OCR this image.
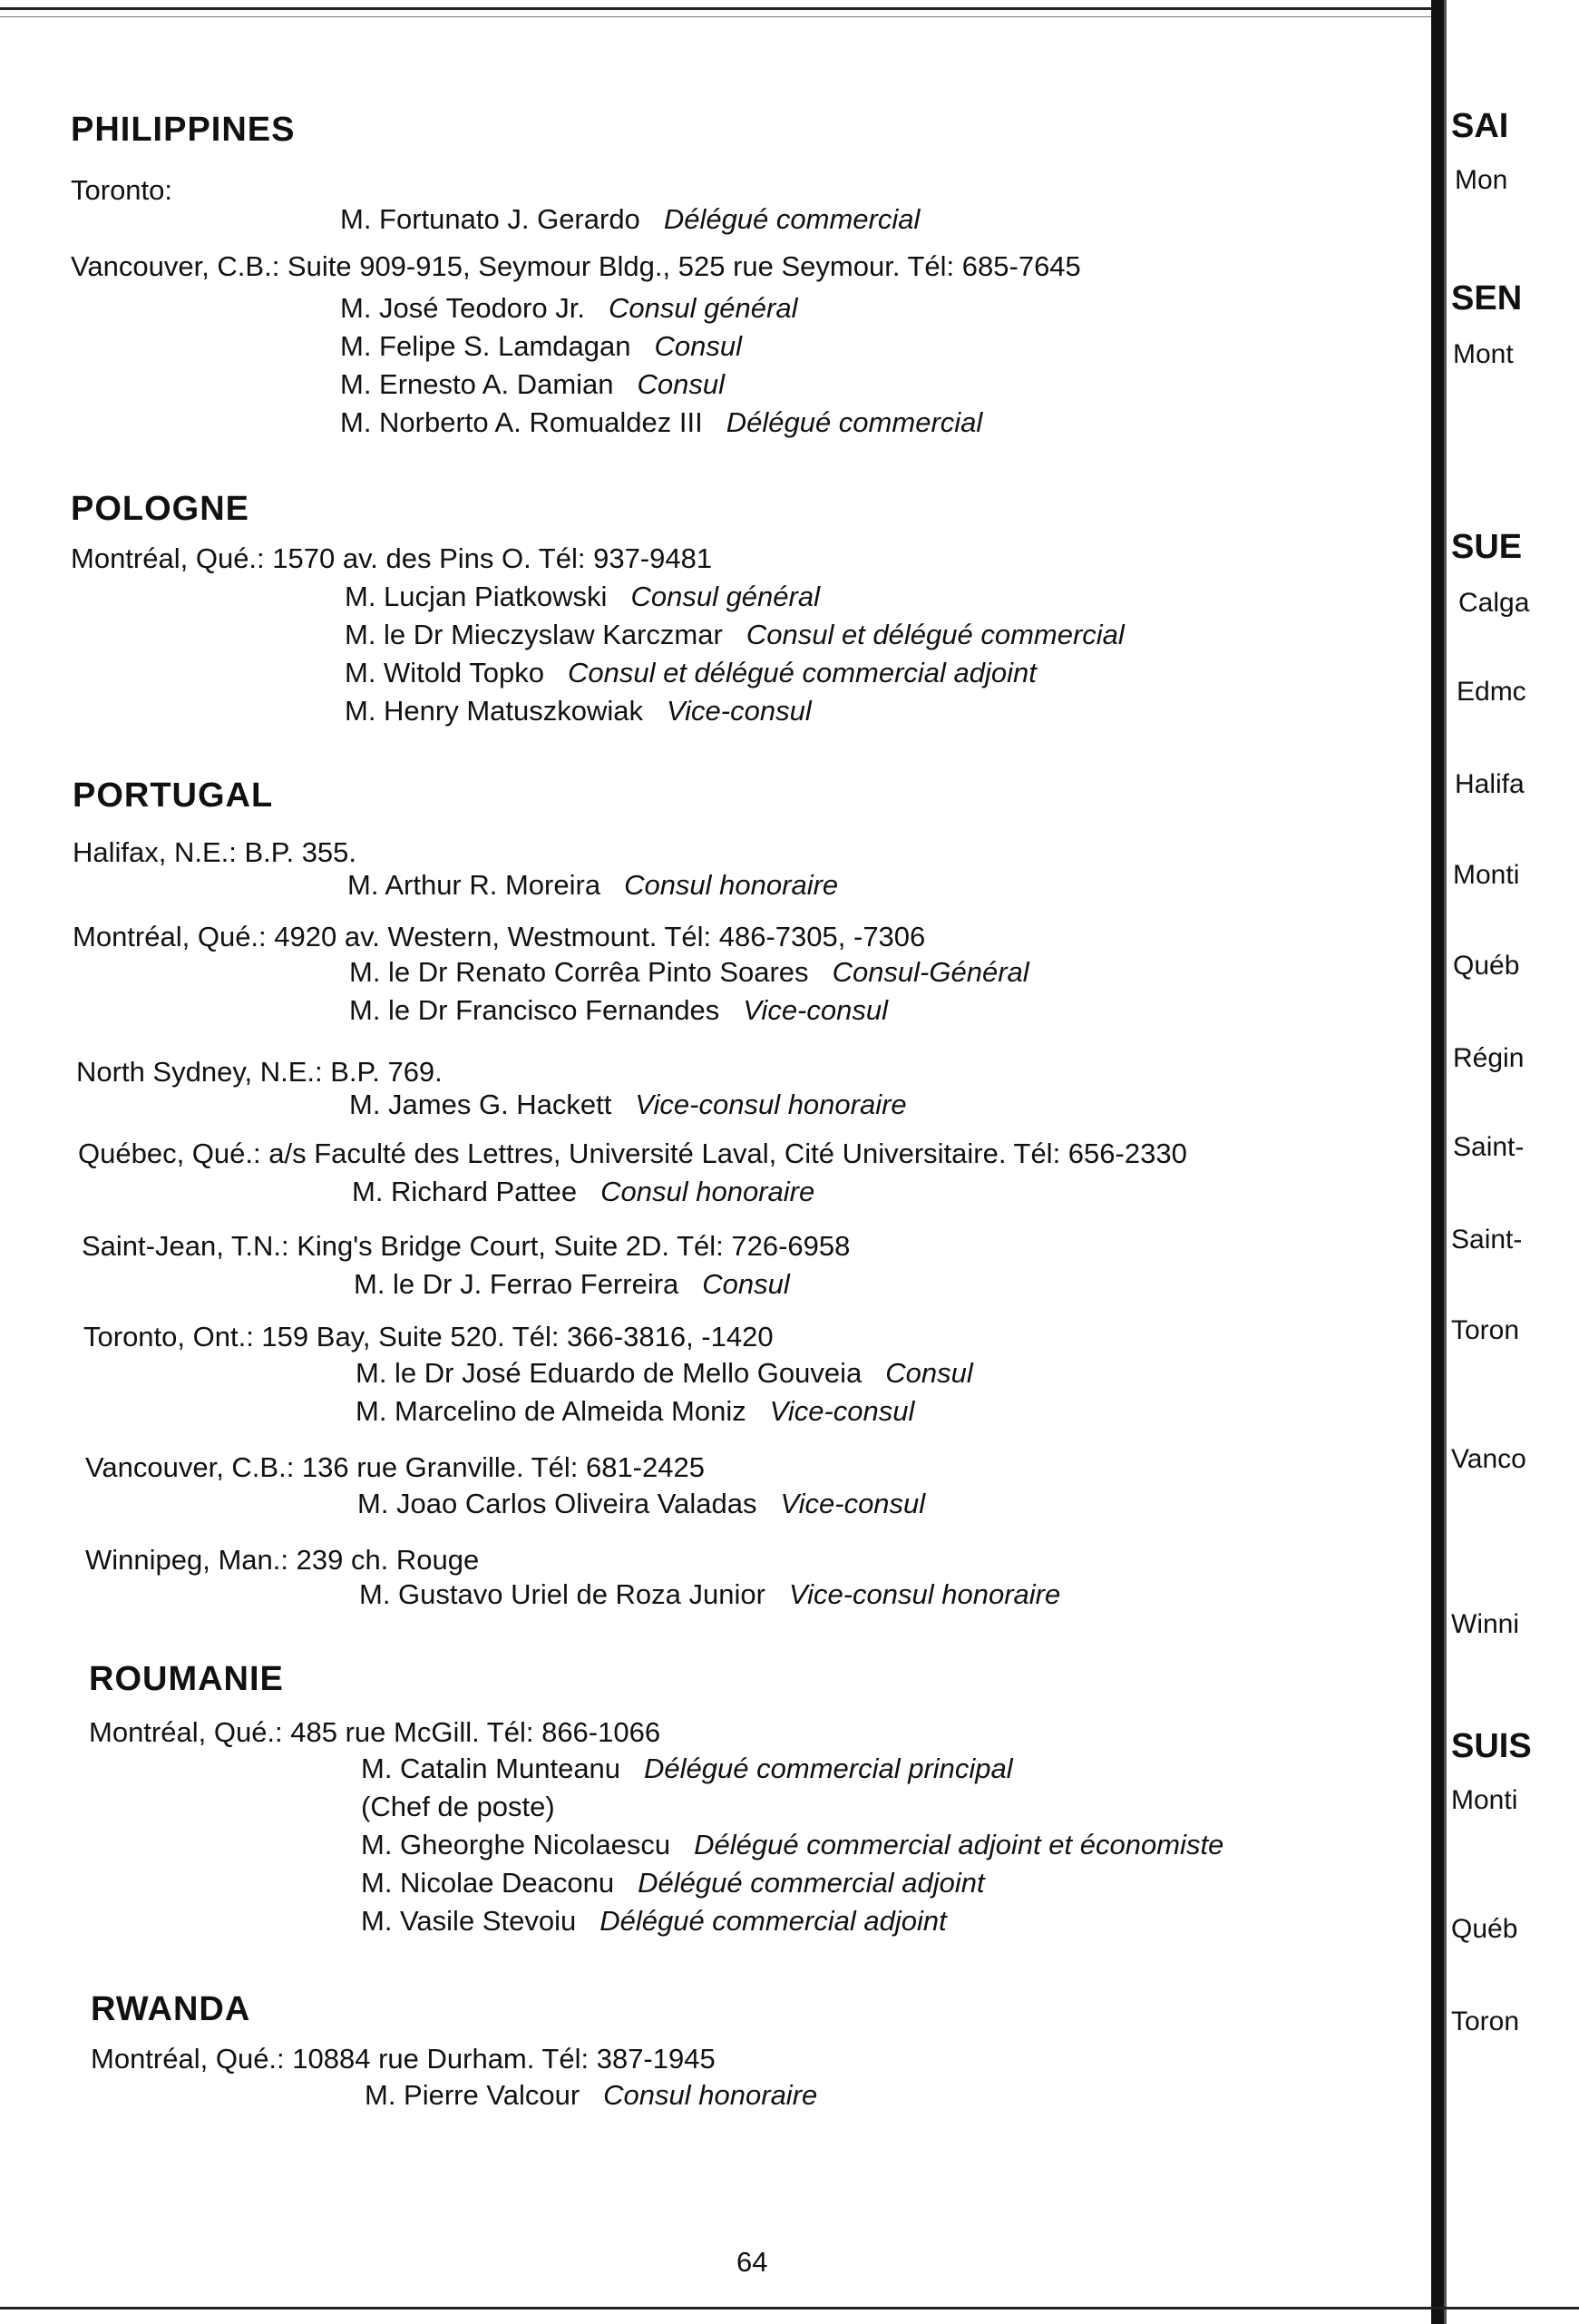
PHILIPPINES
Toronto:
M. Fortunato J. Gerardo Délégué commercial
Vancouver, C.B.: Suite 909-915, Seymour Bldg., 525 rue Seymour. Tél: 685-7645
M. José Teodoro Jr. Consul général
M. Felipe S. Lamdagan Consul
M. Ernesto A. Damian Consul
M. Norberto A. Romualdez III Délégué commercial
POLOGNE
Montréal, Qué.: 1570 av. des Pins O. Tél: 937-9481
M. Lucjan Piatkowski Consul général
M. le Dr Mieczyslaw Karczmar Consul et délégué commercial
M. Witold Topko Consul et délégué commercial adjoint
M. Henry Matuszkowiak Vice-consul
PORTUGAL
Halifax, N.E.: B.P. 355.
M. Arthur R. Moreira Consul honoraire
Montréal, Qué.: 4920 av. Western, Westmount. Tél: 486-7305, -7306
M. le Dr Renato Corrêa Pinto Soares Consul-Général
M. le Dr Francisco Fernandes Vice-consul
North Sydney, N.E.: B.P. 769.
M. James G. Hackett Vice-consul honoraire
Québec, Qué.: a/s Faculté des Lettres, Université Laval, Cité Universitaire. Tél: 656-2330
M. Richard Pattee Consul honoraire
Saint-Jean, T.N.: King's Bridge Court, Suite 2D. Tél: 726-6958
M. le Dr J. Ferrao Ferreira Consul
Toronto, Ont.: 159 Bay, Suite 520. Tél: 366-3816, -1420
M. le Dr José Eduardo de Mello Gouveia Consul
M. Marcelino de Almeida Moniz Vice-consul
Vancouver, C.B.: 136 rue Granville. Tél: 681-2425
M. Joao Carlos Oliveira Valadas Vice-consul
Winnipeg, Man.: 239 ch. Rouge
M. Gustavo Uriel de Roza Junior Vice-consul honoraire
ROUMANIE
Montréal, Qué.: 485 rue McGill. Tél: 866-1066
M. Catalin Munteanu Délégué commercial principal
(Chef de poste)
M. Gheorghe Nicolaescu Délégué commercial adjoint et économiste
M. Nicolae Deaconu Délégué commercial adjoint
M. Vasile Stevoiu Délégué commercial adjoint
RWANDA
Montréal, Qué.: 10884 rue Durham. Tél: 387-1945
M. Pierre Valcour Consul honoraire
64
SAI
Mon
SEN
Mont
SUE
Calga
Edmc
Halifa
Monti
Québ
Régin
Saint-
Saint-
Toron
Vanco
Winni
SUIS
Monti
Québ
Toron
